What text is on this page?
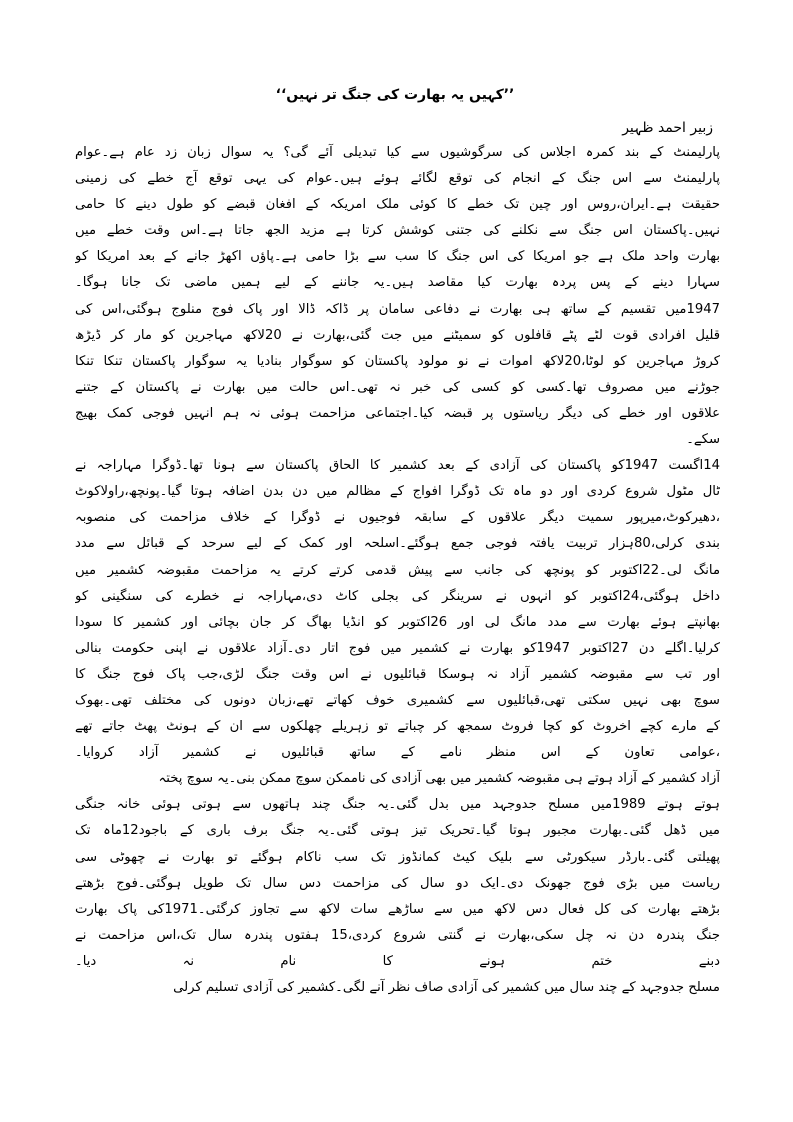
’’کہیں یہ بھارت کی جنگ تر نہیں‘‘
زبیر احمد ظہیر
پارلیمنٹ کے بند کمرہ اجلاس کی سرگوشیوں سے کیا تبدیلی آئے گی؟ یہ سوال زبان زد عام ہے۔عوام
پارلیمنٹ سے اس جنگ کے انجام کی توقع لگائے ہوئے ہیں۔عوام کی یہی توقع آج خطے کی زمینی
حقیقت ہے۔ایران،روس اور چین تک خطے کا کوئی ملک امریکہ کے افغان قبضے کو طول دینے کا حامی
نہیں۔پاکستان اس جنگ سے نکلنے کی جتنی کوشش کرتا ہے مزید الجھ جاتا ہے۔اس وقت خطے میں
بھارت واحد ملک ہے جو امریکا کی اس جنگ کا سب سے بڑا حامی ہے۔پاؤں اکھڑ جانے کے بعد امریکا کو
سہارا دینے کے پس پردہ بھارت کیا مقاصد ہیں۔یہ جاننے کے لیے ہمیں ماضی تک جانا ہوگا۔
1947میں تقسیم کے ساتھ ہی بھارت نے دفاعی سامان پر ڈاکہ ڈالا اور پاک فوج منلوج ہوگئی،اس کی
قلیل افرادی قوت لٹے پٹے قافلوں کو سمیٹنے میں جت گئی،بھارت نے 20لاکھ مہاجرین کو مار کر ڈیڑھ
کروڑ مہاجرین کو لوٹا،20لاکھ اموات نے نو مولود پاکستان کو سوگوار بنادیا یہ سوگوار پاکستان تنکا تنکا
جوڑنے میں مصروف تھا۔کسی کو کسی کی خبر نہ تھی۔اس حالت میں بھارت نے پاکستان کے جتنے
علاقوں اور خطے کی دیگر ریاستوں پر قبضہ کیا۔اجتماعی مزاحمت ہوئی نہ ہم انہیں فوجی کمک بھیج
سکے۔
14اگست 1947کو پاکستان کی آزادی کے بعد کشمیر کا الحاق پاکستان سے ہونا تھا۔ڈوگرا مہاراجہ نے
ٹال مٹول شروع کردی اور دو ماہ تک ڈوگرا افواج کے مظالم میں دن بدن اضافہ ہوتا گیا۔پونچھ،راولاکوٹ
،دھیرکوٹ،میرپور سمیت دیگر علاقوں کے سابقہ فوجیوں نے ڈوگرا کے خلاف مزاحمت کی منصوبہ
بندی کرلی،80ہزار تربیت یافتہ فوجی جمع ہوگئے۔اسلحہ اور کمک کے لیے سرحد کے قبائل سے مدد
مانگ لی۔22اکتوبر کو پونچھ کی جانب سے پیش قدمی کرتے کرتے یہ مزاحمت مقبوضہ کشمیر میں
داخل ہوگئی،24اکتوبر کو انہوں نے سرینگر کی بجلی کاٹ دی،مہاراجہ نے خطرے کی سنگینی کو
بھانپتے ہوئے بھارت سے مدد مانگ لی اور 26اکتوبر کو انڈیا بھاگ کر جان بچائی اور کشمیر کا سودا
کرلیا۔اگلے دن 27اکتوبر 1947کو بھارت نے کشمیر میں فوج اتار دی۔آزاد علاقوں نے اپنی حکومت بنالی
اور تب سے مقبوضہ کشمیر آزاد نہ ہوسکا قبائلیوں نے اس وقت جنگ لڑی،جب پاک فوج جنگ کا
سوچ بھی نہیں سکتی تھی،قبائلیوں سے کشمیری خوف کھاتے تھے،زبان دونوں کی مختلف تھی۔بھوک
کے مارے کچے اخروٹ کو کچا فروٹ سمجھ کر چباتے تو زہریلے چھلکوں سے ان کے ہونٹ پھٹ جاتے تھے
،عوامی تعاون کے اس منظر نامے کے ساتھ قبائلیوں نے کشمیر آزاد کروایا۔
آزاد کشمیر کے آزاد ہوتے ہی مقبوضہ کشمیر میں بھی آزادی کی ناممکن سوچ ممکن بنی۔یہ سوچ پختہ
ہوتے ہوتے 1989میں مسلح جدوجہد میں بدل گئی۔یہ جنگ چند ہاتھوں سے ہوتی ہوئی خانہ جنگی
میں ڈھل گئی۔بھارت مجبور ہوتا گیا۔تحریک تیز ہوتی گئی۔یہ جنگ برف باری کے باجود12ماہ تک
پھیلتی گئی۔بارڈر سیکورٹی سے بلیک کیٹ کمانڈوز تک سب ناکام ہوگئے تو بھارت نے چھوٹی سی
ریاست میں بڑی فوج جھونک دی۔ایک دو سال کی مزاحمت دس سال تک طویل ہوگئی۔فوج بڑھتے
بڑھتے بھارت کی کل فعال دس لاکھ میں سے ساڑھے سات لاکھ سے تجاوز کرگئی۔1971کی پاک بھارت
جنگ پندرہ دن نہ چل سکی،بھارت نے گنتی شروع کردی،15 ہفتوں پندرہ سال تک،اس مزاحمت نے
دبنے ختم ہونے کا نام نہ دیا۔
مسلح جدوجہد کے چند سال میں کشمیر کی آزادی صاف نظر آنے لگی۔کشمیر کی آزادی تسلیم کرلی
